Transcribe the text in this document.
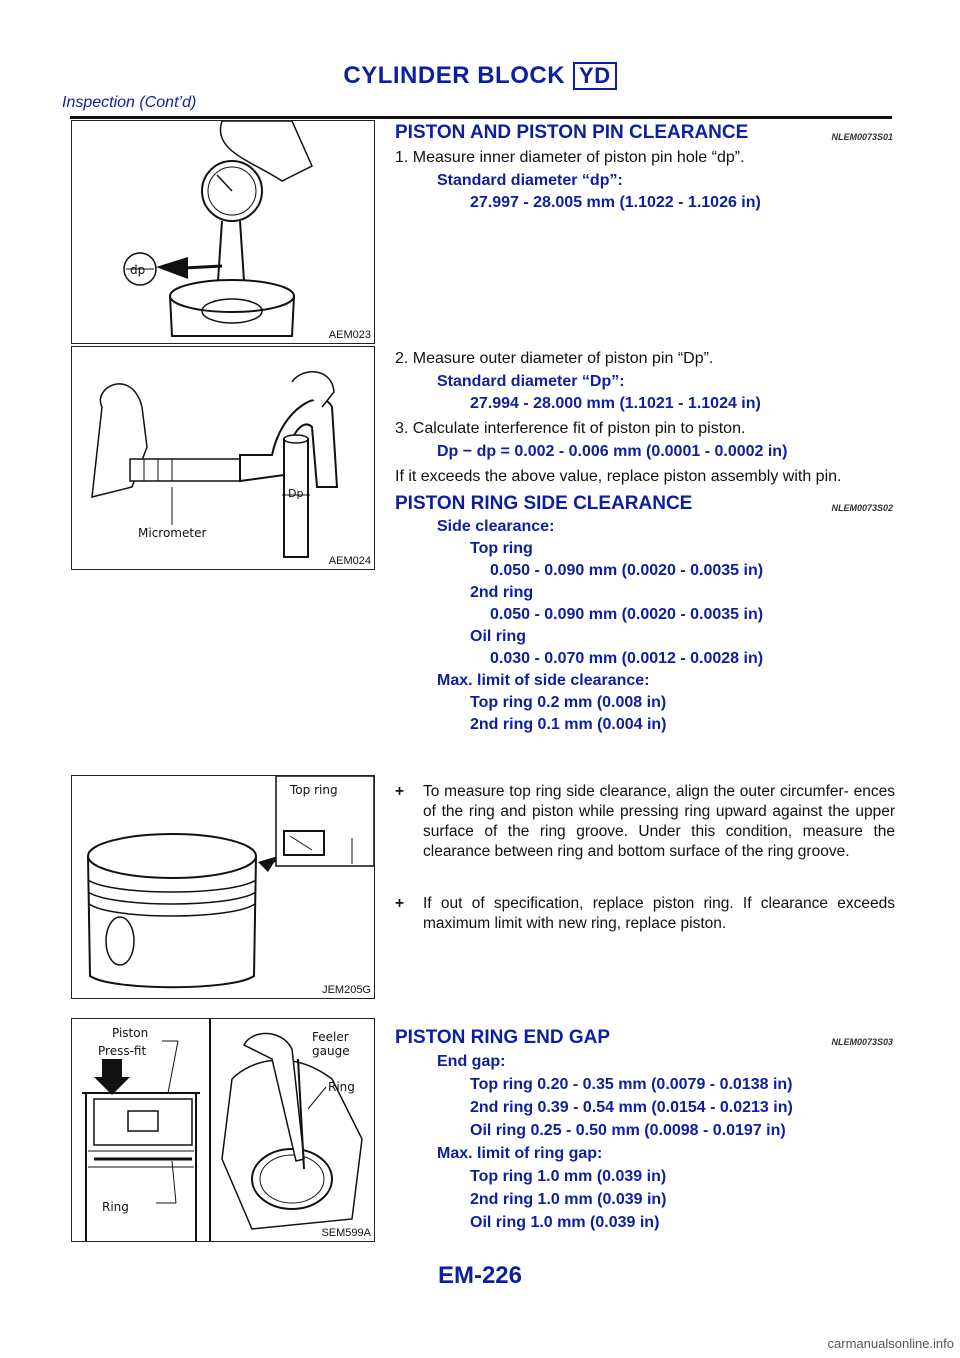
CYLINDER BLOCK YD
Inspection (Cont’d)
dp
AEM023
Dp
Micrometer
AEM024
Top ring
JEM205G
Piston
Press-fit
Ring
Feeler
gauge
Ring
SEM599A
PISTON AND PISTON PIN CLEARANCE	NLEM0073S01
1. Measure inner diameter of piston pin hole “dp”.
Standard diameter “dp”:
27.997 - 28.005 mm (1.1022 - 1.1026 in)
2. Measure outer diameter of piston pin “Dp”.
Standard diameter “Dp”:
27.994 - 28.000 mm (1.1021 - 1.1024 in)
3. Calculate interference fit of piston pin to piston.
Dp − dp = 0.002 - 0.006 mm (0.0001 - 0.0002 in)
If it exceeds the above value, replace piston assembly with pin.
PISTON RING SIDE CLEARANCE	NLEM0073S02
Side clearance:
Top ring
0.050 - 0.090 mm (0.0020 - 0.0035 in)
2nd ring
0.050 - 0.090 mm (0.0020 - 0.0035 in)
Oil ring
0.030 - 0.070 mm (0.0012 - 0.0028 in)
Max. limit of side clearance:
Top ring 0.2 mm (0.008 in)
2nd ring 0.1 mm (0.004 in)
+	To measure top ring side clearance, align the outer circumfer- ences of the ring and piston while pressing ring upward against the upper surface of the ring groove. Under this condition, measure the clearance between ring and bottom surface of the ring groove.
+	If out of specification, replace piston ring. If clearance exceeds maximum limit with new ring, replace piston.
PISTON RING END GAP	NLEM0073S03
End gap:
Top ring 0.20 - 0.35 mm (0.0079 - 0.0138 in)
2nd ring 0.39 - 0.54 mm (0.0154 - 0.0213 in)
Oil ring 0.25 - 0.50 mm (0.0098 - 0.0197 in)
Max. limit of ring gap:
Top ring 1.0 mm (0.039 in)
2nd ring 1.0 mm (0.039 in)
Oil ring 1.0 mm (0.039 in)
EM-226
carmanualsonline.info
